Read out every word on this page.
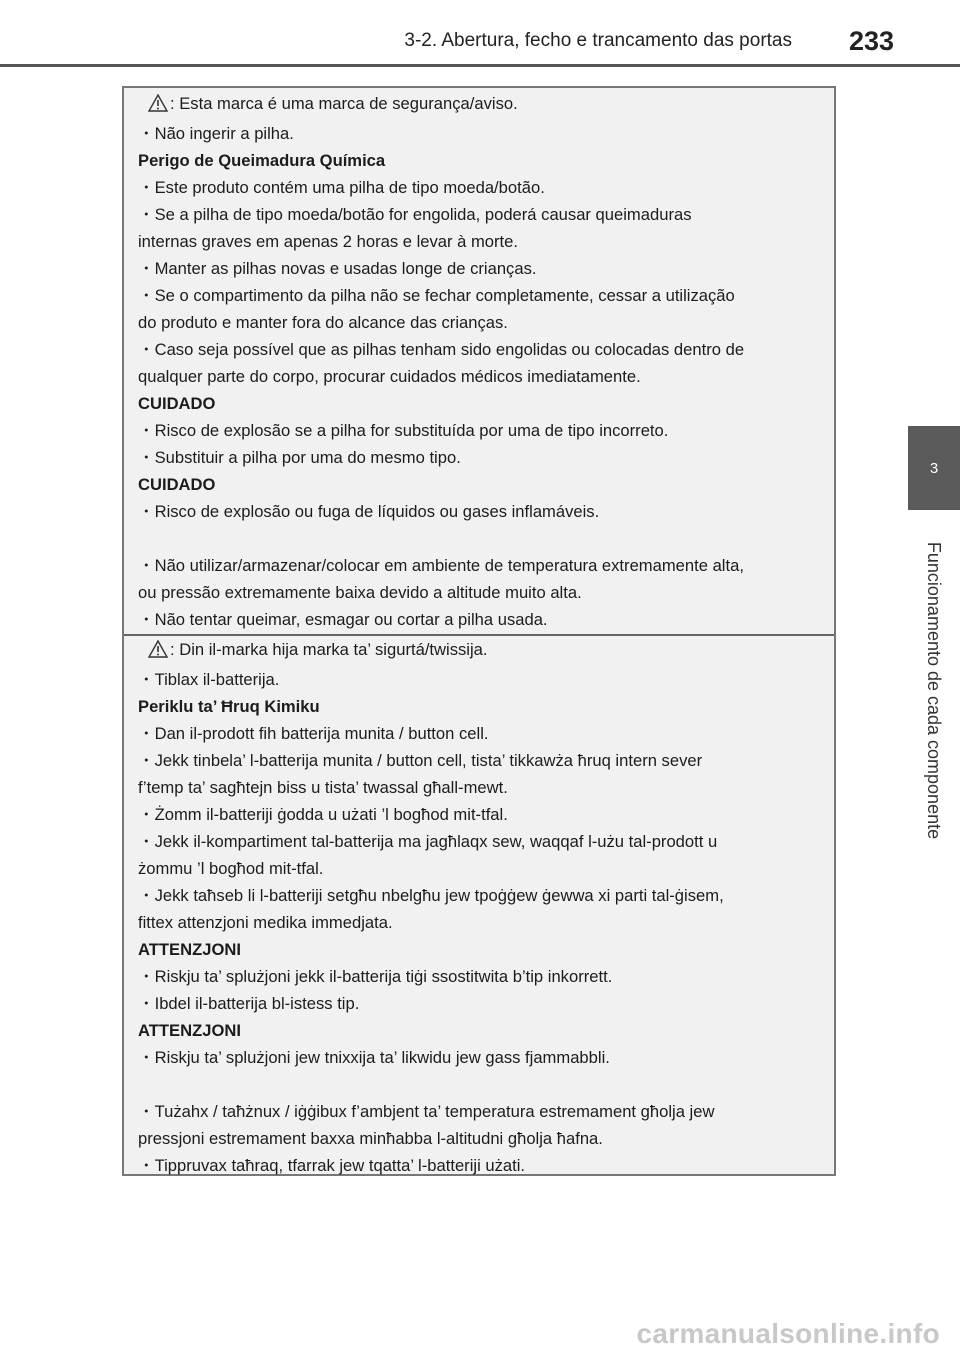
3-2. Abertura, fecho e trancamento das portas 233
3
Funcionamento de cada componente
: Esta marca é uma marca de segurança/aviso.
・Não ingerir a pilha.
Perigo de Queimadura Química
・Este produto contém uma pilha de tipo moeda/botão.
・Se a pilha de tipo moeda/botão for engolida, poderá causar queimaduras
internas graves em apenas 2 horas e levar à morte.
・Manter as pilhas novas e usadas longe de crianças.
・Se o compartimento da pilha não se fechar completamente, cessar a utilização
do produto e manter fora do alcance das crianças.
・Caso seja possível que as pilhas tenham sido engolidas ou colocadas dentro de
qualquer parte do corpo, procurar cuidados médicos imediatamente.
CUIDADO
・Risco de explosão se a pilha for substituída por uma de tipo incorreto.
・Substituir a pilha por uma do mesmo tipo.
CUIDADO
・Risco de explosão ou fuga de líquidos ou gases inflamáveis.
・Não utilizar/armazenar/colocar em ambiente de temperatura extremamente alta,
ou pressão extremamente baixa devido a altitude muito alta.
・Não tentar queimar, esmagar ou cortar a pilha usada.
: Din il-marka hija marka ta’ sigurtá/twissija.
・Tiblax il-batterija.
Periklu ta’ Ħruq Kimiku
・Dan il-prodott fih batterija munita / button cell.
・Jekk tinbela’ l-batterija munita / button cell, tista’ tikkawża ħruq intern sever
f’temp ta’ sagħtejn biss u tista’ twassal għall-mewt.
・Żomm il-batteriji ġodda u użati ’l bogħod mit-tfal.
・Jekk il-kompartiment tal-batterija ma jagħlaqx sew, waqqaf l-użu tal-prodott u
żommu ’l bogħod mit-tfal.
・Jekk taħseb li l-batteriji setgħu nbelgħu jew tpoġġew ġewwa xi parti tal-ġisem,
fittex attenzjoni medika immedjata.
ATTENZJONI
・Riskju ta’ splużjoni jekk il-batterija tiġi ssostitwita b’tip inkorrett.
・Ibdel il-batterija bl-istess tip.
ATTENZJONI
・Riskju ta’ splużjoni jew tnixxija ta’ likwidu jew gass fjammabbli.
・Tużahx / taħżnux / iġġibux f’ambjent ta’ temperatura estremament għolja jew
pressjoni estremament baxxa minħabba l-altitudni għolja ħafna.
・Tippruvax taħraq, tfarrak jew tqatta’ l-batteriji użati.
carmanualsonline.info
